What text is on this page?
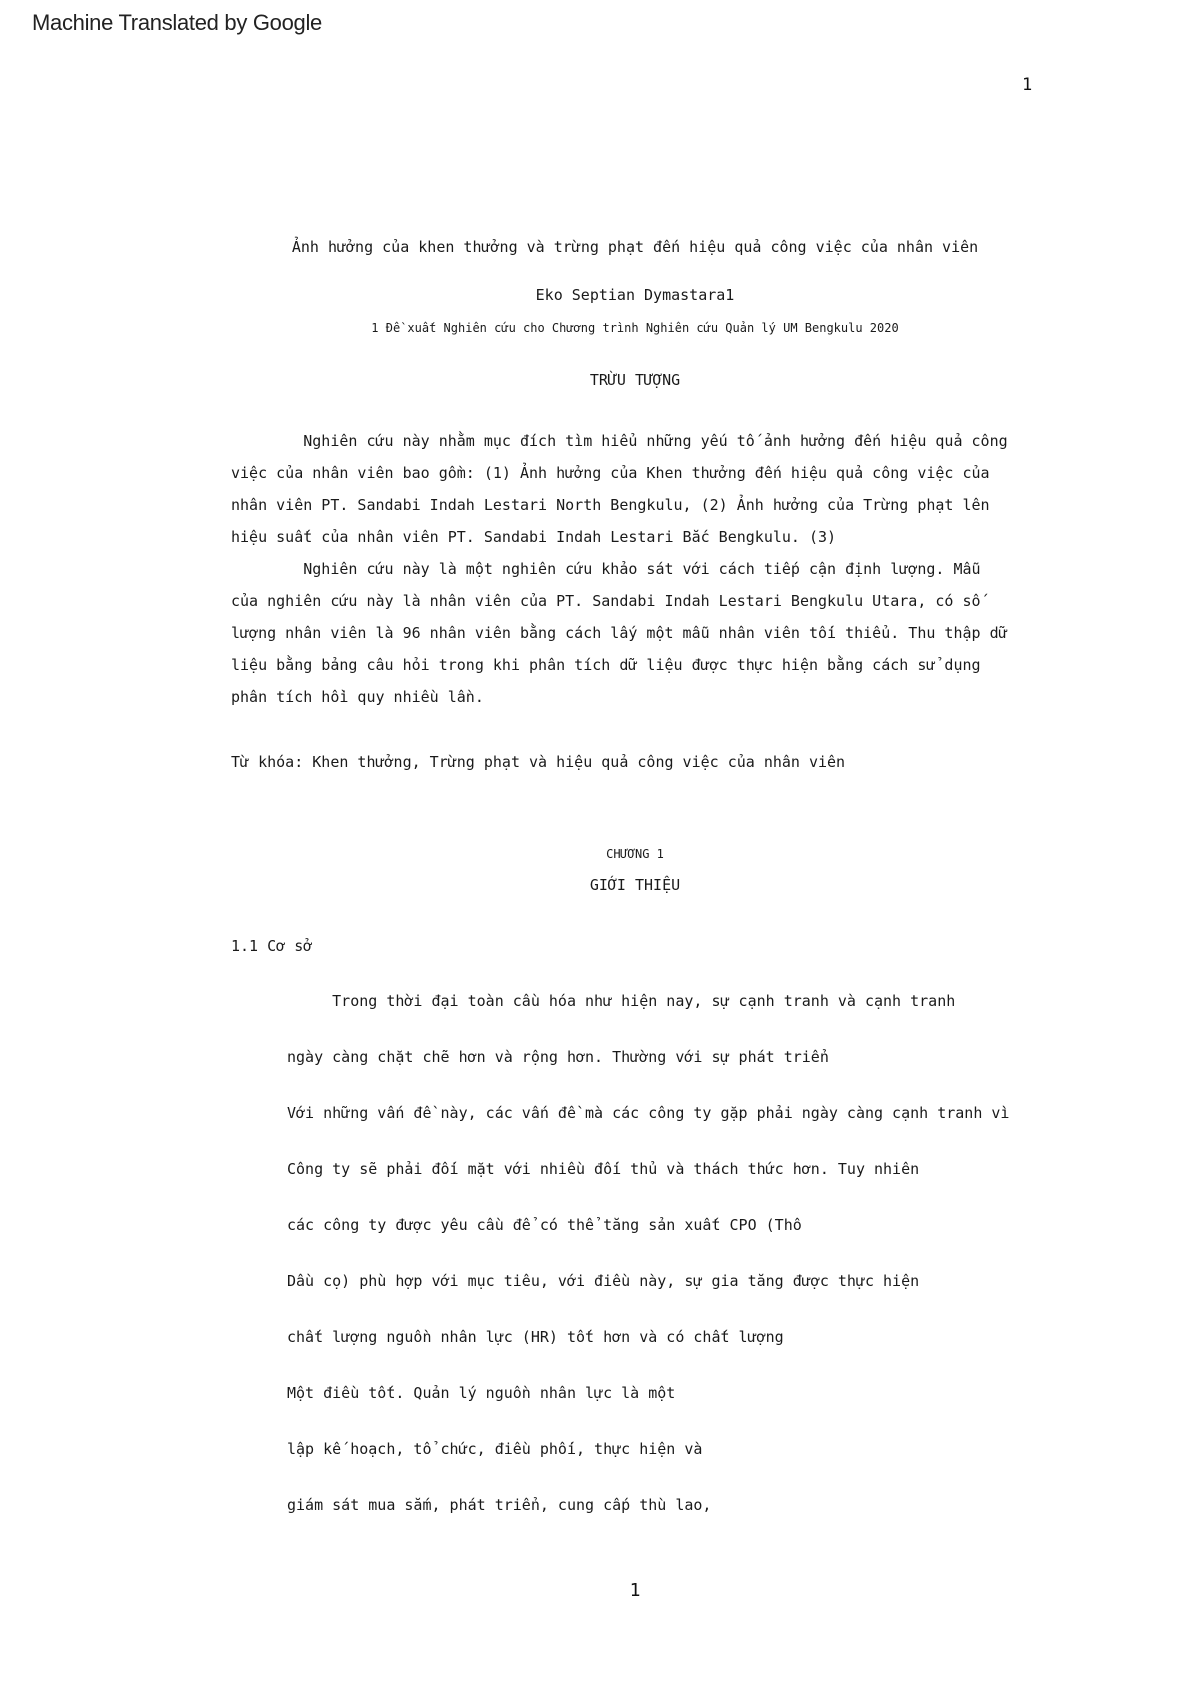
Machine Translated by Google
1
Ảnh hưởng của khen thưởng và trừng phạt đến hiệu quả công việc của nhân viên
Eko Septian Dymastara1
1 Đề xuất Nghiên cứu cho Chương trình Nghiên cứu Quản lý UM Bengkulu 2020
TRỪU TƯỢNG
Nghiên cứu này nhằm mục đích tìm hiểu những yếu tố ảnh hưởng đến hiệu quả công
việc của nhân viên bao gồm: (1) Ảnh hưởng của Khen thưởng đến hiệu quả công việc của
nhân viên PT. Sandabi Indah Lestari North Bengkulu, (2) Ảnh hưởng của Trừng phạt lên
hiệu suất của nhân viên PT. Sandabi Indah Lestari Bắc Bengkulu. (3)
Nghiên cứu này là một nghiên cứu khảo sát với cách tiếp cận định lượng. Mẫu
của nghiên cứu này là nhân viên của PT. Sandabi Indah Lestari Bengkulu Utara, có số
lượng nhân viên là 96 nhân viên bằng cách lấy một mẫu nhân viên tối thiểu. Thu thập dữ
liệu bằng bảng câu hỏi trong khi phân tích dữ liệu được thực hiện bằng cách sử dụng
phân tích hồi quy nhiều lần.
Từ khóa: Khen thưởng, Trừng phạt và hiệu quả công việc của nhân viên
CHƯƠNG 1
GIỚI THIỆU
1.1 Cơ sở
Trong thời đại toàn cầu hóa như hiện nay, sự cạnh tranh và cạnh tranh
ngày càng chặt chẽ hơn và rộng hơn. Thường với sự phát triển
Với những vấn đề này, các vấn đề mà các công ty gặp phải ngày càng cạnh tranh vì
Công ty sẽ phải đối mặt với nhiều đối thủ và thách thức hơn. Tuy nhiên
các công ty được yêu cầu để có thể tăng sản xuất CPO (Thô
Dầu cọ) phù hợp với mục tiêu, với điều này, sự gia tăng được thực hiện
chất lượng nguồn nhân lực (HR) tốt hơn và có chất lượng
Một điều tốt. Quản lý nguồn nhân lực là một
lập kế hoạch, tổ chức, điều phối, thực hiện và
giám sát mua sắm, phát triển, cung cấp thù lao,
1
